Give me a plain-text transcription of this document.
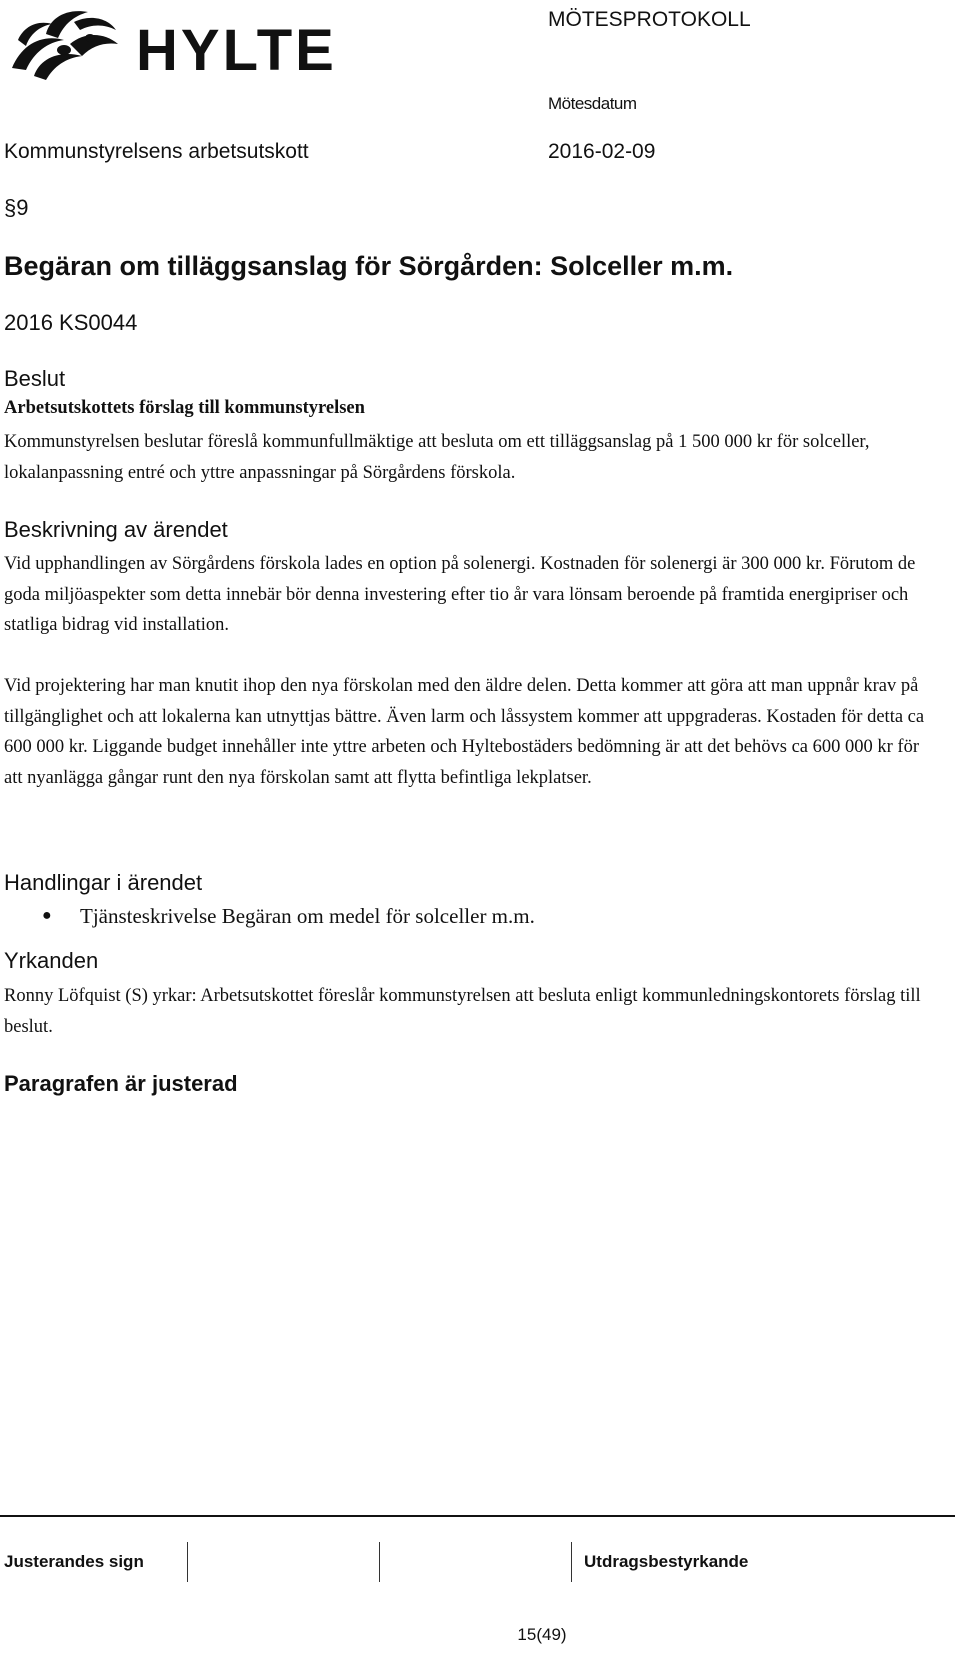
HYLTE	MÖTESPROTOKOLL
Mötesdatum
Kommunstyrelsens arbetsutskott	2016-02-09
§9
Begäran om tilläggsanslag för Sörgården: Solceller m.m.
2016 KS0044
Beslut
Arbetsutskottets förslag till kommunstyrelsen
Kommunstyrelsen beslutar föreslå kommunfullmäktige att besluta om ett tilläggsanslag på 1 500 000 kr för solceller, lokalanpassning entré och yttre anpassningar på Sörgårdens förskola.
Beskrivning av ärendet
Vid upphandlingen av Sörgårdens förskola lades en option på solenergi. Kostnaden för solenergi är 300 000 kr. Förutom de goda miljöaspekter som detta innebär bör denna investering efter tio år vara lönsam beroende på framtida energipriser och statliga bidrag vid installation.
Vid projektering har man knutit ihop den nya förskolan med den äldre delen. Detta kommer att göra att man uppnår krav på tillgänglighet och att lokalerna kan utnyttjas bättre. Även larm och låssystem kommer att uppgraderas. Kostaden för detta ca 600 000 kr. Liggande budget innehåller inte yttre arbeten och Hyltebostäders bedömning är att det behövs ca 600 000 kr för att nyanlägga gångar runt den nya förskolan samt att flytta befintliga lekplatser.
Handlingar i ärendet
● Tjänsteskrivelse Begäran om medel för solceller m.m.
Yrkanden
Ronny Löfquist (S) yrkar: Arbetsutskottet föreslår kommunstyrelsen att besluta enligt kommunledningskontorets förslag till beslut.
Paragrafen är justerad
Justerandes sign	Utdragsbestyrkande
15(49)
